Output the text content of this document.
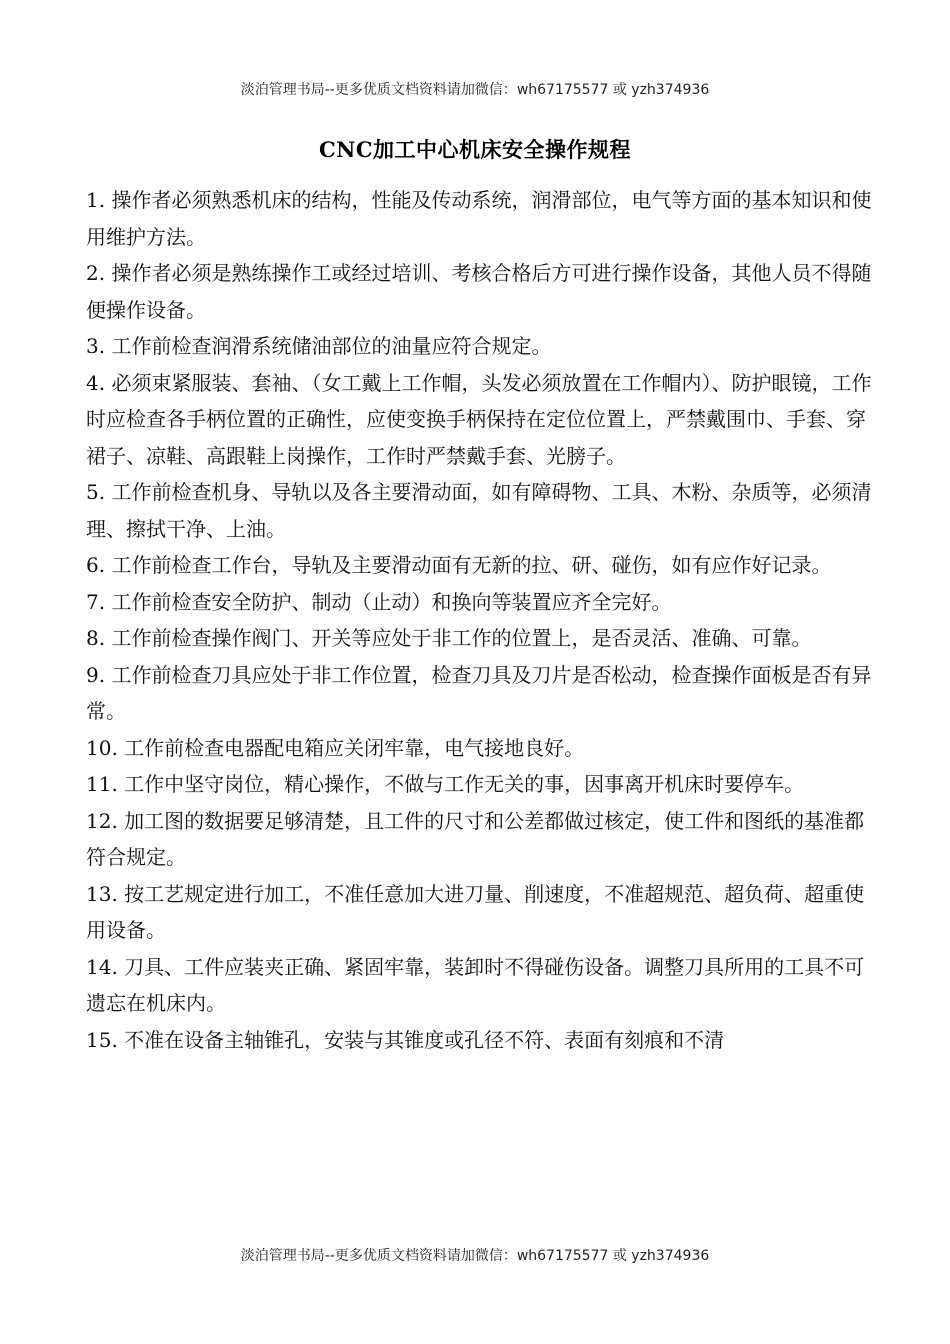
淡泊管理书局--更多优质文档资料请加微信：wh67175577 或 yzh374936
CNC加工中心机床安全操作规程

1. 操作者必须熟悉机床的结构，性能及传动系统，润滑部位，电气等方面的基本知识和使用维护方法。

2. 操作者必须是熟练操作工或经过培训、考核合格后方可进行操作设备，其他人员不得随便操作设备。

3. 工作前检查润滑系统储油部位的油量应符合规定。

4. 必须束紧服装、套袖、（女工戴上工作帽，头发必须放置在工作帽内）、防护眼镜，工作时应检查各手柄位置的正确性，应使变换手柄保持在定位位置上，严禁戴围巾、手套、穿裙子、凉鞋、高跟鞋上岗操作，工作时严禁戴手套、光膀子。

5. 工作前检查机身、导轨以及各主要滑动面，如有障碍物、工具、木粉、杂质等，必须清理、擦拭干净、上油。

6. 工作前检查工作台，导轨及主要滑动面有无新的拉、研、碰伤，如有应作好记录。

7. 工作前检查安全防护、制动（止动）和换向等装置应齐全完好。

8. 工作前检查操作阀门、开关等应处于非工作的位置上，是否灵活、准确、可靠。

9. 工作前检查刀具应处于非工作位置，检查刀具及刀片是否松动，检查操作面板是否有异常。

10. 工作前检查电器配电箱应关闭牢靠，电气接地良好。

11. 工作中坚守岗位，精心操作，不做与工作无关的事，因事离开机床时要停车。

12. 加工图的数据要足够清楚，且工件的尺寸和公差都做过核定，使工件和图纸的基准都符合规定。

13. 按工艺规定进行加工，不准任意加大进刀量、削速度，不准超规范、超负荷、超重使用设备。

14. 刀具、工件应装夹正确、紧固牢靠，装卸时不得碰伤设备。调整刀具所用的工具不可遗忘在机床内。

15. 不准在设备主轴锥孔，安装与其锥度或孔径不符、表面有刻痕和不清

淡泊管理书局--更多优质文档资料请加微信：wh67175577 或 yzh374936
